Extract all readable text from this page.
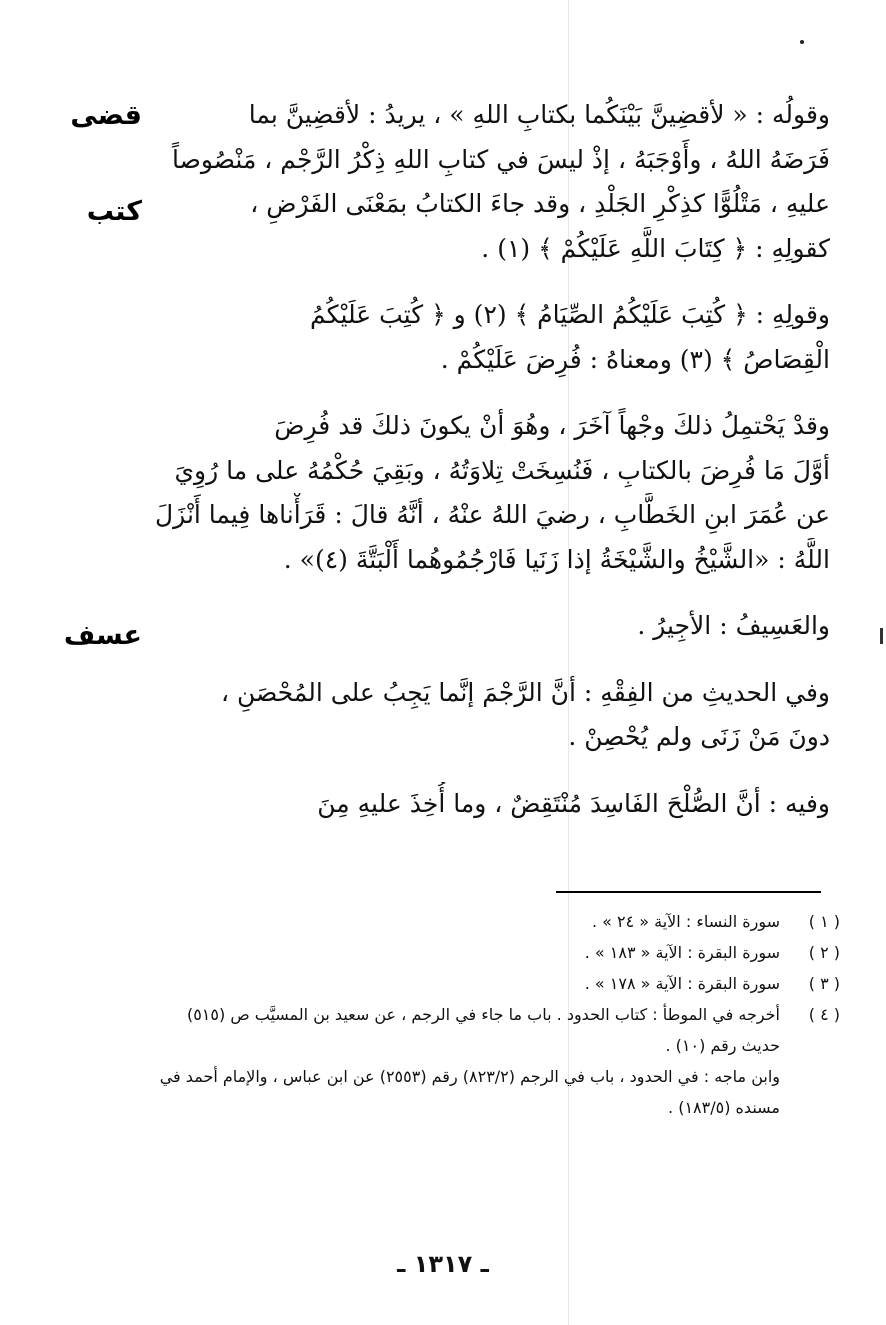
قضى
كتب
عسف

وقولُه : « لأقضِينَّ بَيْنَكُما بكتابِ اللهِ » ، يريدُ : لأقضِينَّ بما
فَرَضَهُ اللهُ ، وأَوْجَبَهُ ، إذْ ليسَ في كتابِ اللهِ ذِكْرُ الرَّجْم ، مَنْصُوصاً
عليهِ ، مَتْلُوًّا كذِكْرِ الجَلْدِ ، وقد جاءَ الكتابُ بمَعْنَى الفَرْضِ ،
كقولِهِ : ﴿ كِتَابَ اللَّهِ عَلَيْكُمْ ﴾ (١) .

وقولِهِ : ﴿ كُتِبَ عَلَيْكُمُ الصِّيَامُ ﴾ (٢) و ﴿ كُتِبَ عَلَيْكُمُ
الْقِصَاصُ ﴾ (٣) ومعناهُ : فُرِضَ عَلَيْكُمْ .

وقدْ يَحْتمِلُ ذلكَ وجْهاً آخَرَ ، وهُوَ أنْ يكونَ ذلكَ قد فُرِضَ
أوَّلَ مَا فُرِضَ بالكتابِ ، فَنُسِخَتْ تِلاوَتُهُ ، وبَقِيَ حُكْمُهُ على ما رُوِيَ
عن عُمَرَ ابنِ الخَطَّابِ ، رضيَ اللهُ عنْهُ ، أنَّهُ قالَ : قَرَأْناها فِيما أَنْزَلَ
اللَّهُ : «الشَّيْخُ والشَّيْخَةُ إذا زَنَيا فَارْجُمُوهُما أَلْبَتَّةَ (٤)» .

والعَسِيفُ : الأجِيرُ .

وفي الحديثِ من الفِقْهِ : أنَّ الرَّجْمَ إنَّما يَجِبُ على المُحْصَنِ ،
دونَ مَنْ زَنَى ولم يُحْصِنْ .

وفيه : أنَّ الصُّلْحَ الفَاسِدَ مُنْتَقِضٌ ، وما أُخِذَ عليهِ مِنَ

( ١ )
سورة النساء : الآية « ٢٤ » .
( ٢ )
سورة البقرة : الآية « ١٨٣ » .
( ٣ )
سورة البقرة : الآية « ١٧٨ » .
( ٤ )
أخرجه في الموطأ : كتاب الحدود . باب ما جاء في الرجم ، عن سعيد بن المسيَّب ص (٥١٥) حديث رقم (١٠) .
وابن ماجه : في الحدود ، باب في الرجم (٨٢٣/٢) رقم (٢٥٥٣) عن ابن عباس ، والإمام أحمد في مسنده (١٨٣/٥) .
ـ ١٣١٧ ـ
